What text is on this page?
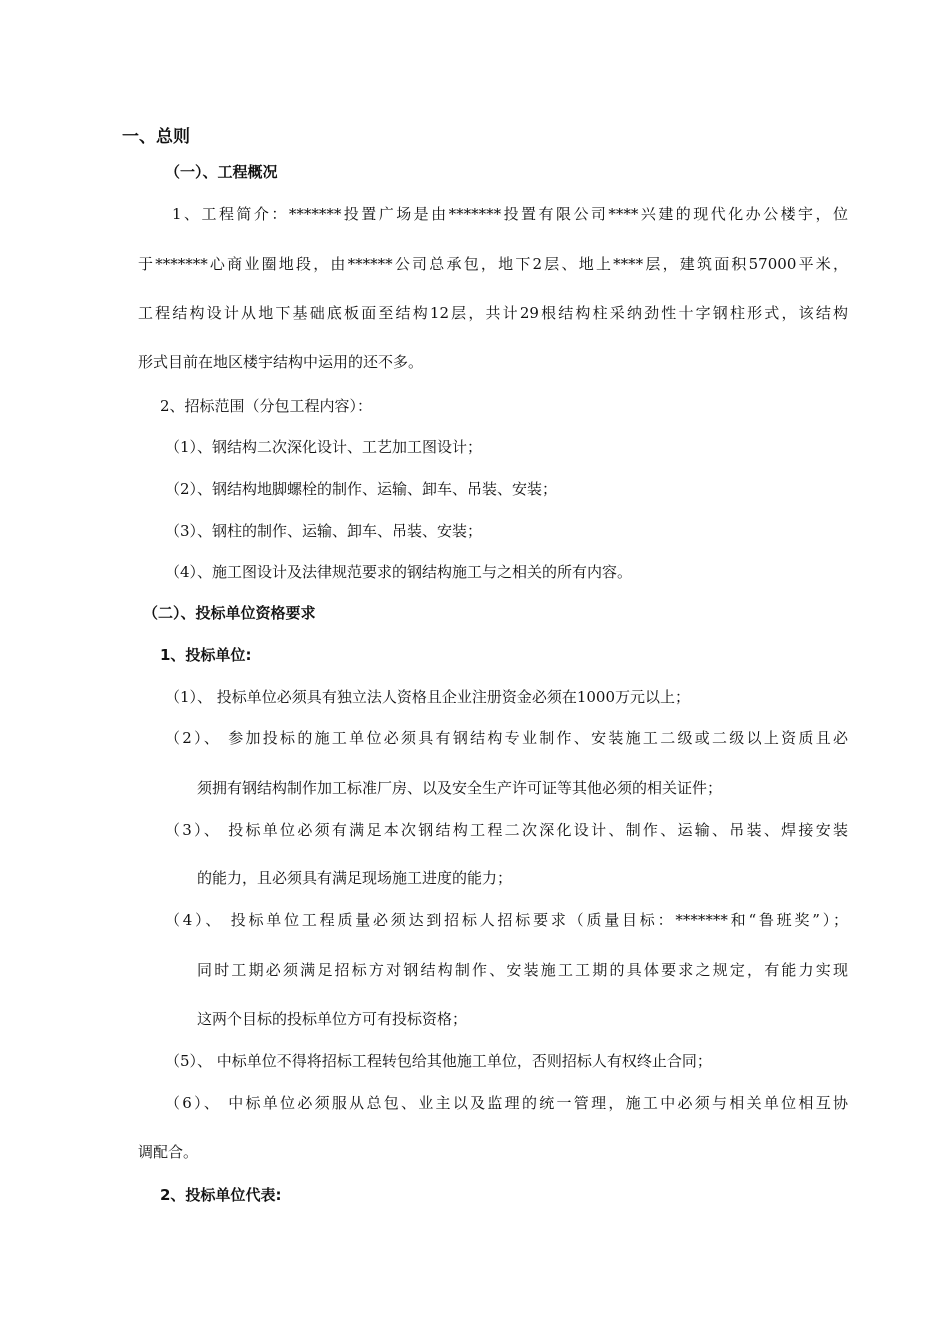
一、总则
（一）、工程概况
1、工程简介：*******投置广场是由*******投置有限公司****兴建的现代化办公楼宇，位
于*******心商业圈地段，由******公司总承包，地下2层、地上****层，建筑面积57000平米，
工程结构设计从地下基础底板面至结构12层，共计29根结构柱采纳劲性十字钢柱形式，该结构
形式目前在地区楼宇结构中运用的还不多。
2、招标范围（分包工程内容）：
（1）、钢结构二次深化设计、工艺加工图设计；
（2）、钢结构地脚螺栓的制作、运输、卸车、吊装、安装；
（3）、钢柱的制作、运输、卸车、吊装、安装；
（4）、施工图设计及法律规范要求的钢结构施工与之相关的所有内容。
（二）、投标单位资格要求
1、投标单位:
（1）、 投标单位必须具有独立法人资格且企业注册资金必须在1000万元以上；
（2）、 参加投标的施工单位必须具有钢结构专业制作、安装施工二级或二级以上资质且必
须拥有钢结构制作加工标准厂房、以及安全生产许可证等其他必须的相关证件；
（3）、 投标单位必须有满足本次钢结构工程二次深化设计、制作、运输、吊装、焊接安装
的能力，且必须具有满足现场施工进度的能力；
（4）、 投标单位工程质量必须达到招标人招标要求（质量目标：*******和“鲁班奖”）；
同时工期必须满足招标方对钢结构制作、安装施工工期的具体要求之规定，有能力实现
这两个目标的投标单位方可有投标资格；
（5）、 中标单位不得将招标工程转包给其他施工单位，否则招标人有权终止合同；
（6）、 中标单位必须服从总包、业主以及监理的统一管理，施工中必须与相关单位相互协
调配合。
2、投标单位代表:
